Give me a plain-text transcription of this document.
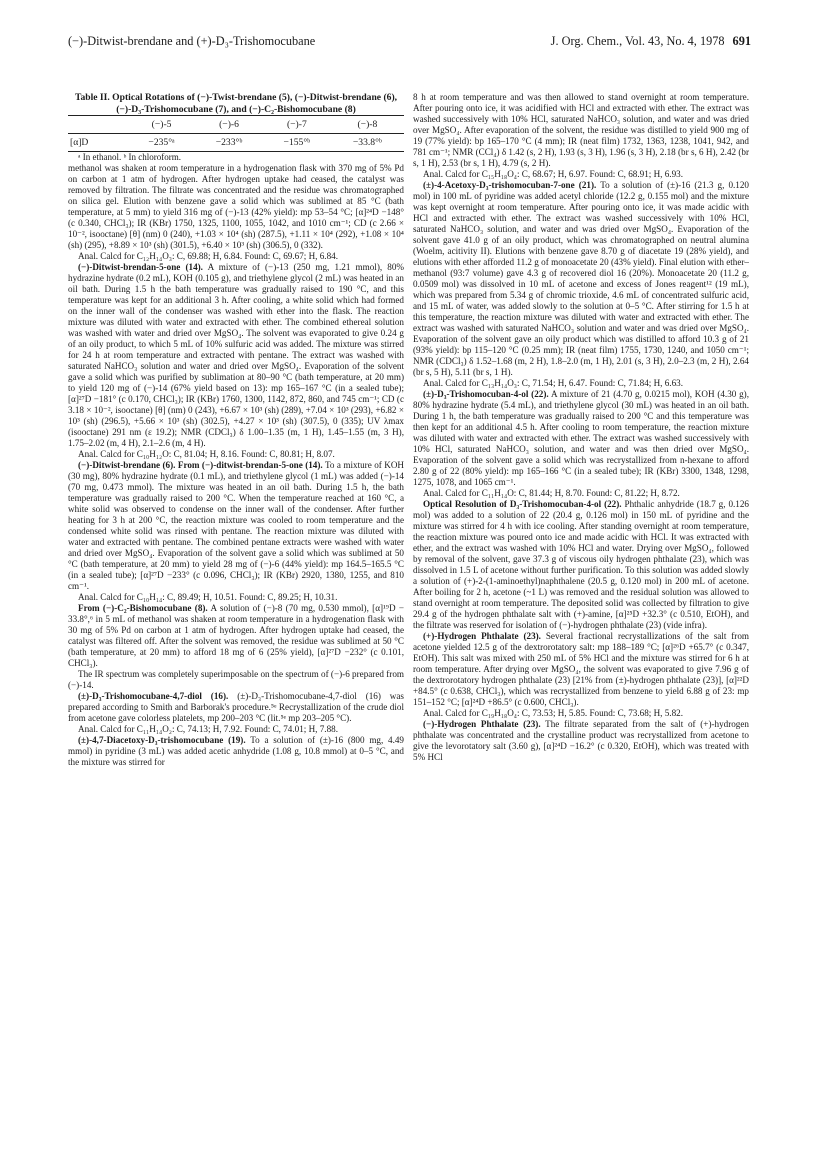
(−)-Ditwist-brendane and (+)-D₃-Trishomocubane	J. Org. Chem., Vol. 43, No. 4, 1978 691

Table II. Optical Rotations of (−)-Twist-brendane (5), (−)-Ditwist-brendane (6), (−)-D₃-Trishomocubane (7), and (−)-C₂-Bishomocubane (8)

	(−)-5	(−)-6	(−)-7	(−)-8
[α]D	−235°ᵃ	−233°ᵇ	−155°ᵇ	−33.8°ᵇ

ᵃ In ethanol. ᵇ In chloroform.

methanol was shaken at room temperature in a hydrogenation flask with 370 mg of 5% Pd on carbon at 1 atm of hydrogen. After hydrogen uptake had ceased, the catalyst was removed by filtration. The filtrate was concentrated and the residue was chromatographed on silica gel. Elution with benzene gave a solid which was sublimed at 85 °C (bath temperature, at 5 mm) to yield 316 mg of (−)-13 (42% yield): mp 53–54 °C; [α]²⁴D −148° (c 0.340, CHCl₃); IR (KBr) 1750, 1325, 1100, 1055, 1042, and 1010 cm⁻¹; CD (c 2.66 × 10⁻², isooctane) [θ] (nm) 0 (240), +1.03 × 10⁴ (sh) (287.5), +1.11 × 10⁴ (292), +1.08 × 10⁴ (sh) (295), +8.89 × 10³ (sh) (301.5), +6.40 × 10³ (sh) (306.5), 0 (332).

Anal. Calcd for C₁₂H₁₄O₃: C, 69.88; H, 6.84. Found: C, 69.67; H, 6.84.

(−)-Ditwist-brendan-5-one (14). A mixture of (−)-13 (250 mg, 1.21 mmol), 80% hydrazine hydrate (0.2 mL), KOH (0.105 g), and triethylene glycol (2 mL) was heated in an oil bath. During 1.5 h the bath temperature was gradually raised to 190 °C, and this temperature was kept for an additional 3 h. After cooling, a white solid which had formed on the inner wall of the condenser was washed with ether into the flask. The reaction mixture was diluted with water and extracted with ether. The combined ethereal solution was washed with water and dried over MgSO₄. The solvent was evaporated to give 0.24 g of an oily product, to which 5 mL of 10% sulfuric acid was added. The mixture was stirred for 24 h at room temperature and extracted with pentane. The extract was washed with saturated NaHCO₃ solution and water and dried over MgSO₄. Evaporation of the solvent gave a solid which was purified by sublimation at 80–90 °C (bath temperature, at 20 mm) to yield 120 mg of (−)-14 (67% yield based on 13): mp 165–167 °C (in a sealed tube); [α]²⁷D −181° (c 0.170, CHCl₃); IR (KBr) 1760, 1300, 1142, 872, 860, and 745 cm⁻¹; CD (c 3.18 × 10⁻², isooctane) [θ] (nm) 0 (243), +6.67 × 10³ (sh) (289), +7.04 × 10³ (293), +6.82 × 10³ (sh) (296.5), +5.66 × 10³ (sh) (302.5), +4.27 × 10³ (sh) (307.5), 0 (335); UV λmax (isooctane) 291 nm (ε 19.2); NMR (CDCl₃) δ 1.00–1.35 (m, 1 H), 1.45–1.55 (m, 3 H), 1.75–2.02 (m, 4 H), 2.1–2.6 (m, 4 H).

Anal. Calcd for C₁₀H₁₂O: C, 81.04; H, 8.16. Found: C, 80.81; H, 8.07.

(−)-Ditwist-brendane (6). From (−)-ditwist-brendan-5-one (14). To a mixture of KOH (30 mg), 80% hydrazine hydrate (0.1 mL), and triethylene glycol (1 mL) was added (−)-14 (70 mg, 0.473 mmol). The mixture was heated in an oil bath. During 1.5 h, the bath temperature was gradually raised to 200 °C. When the temperature reached at 160 °C, a white solid was observed to condense on the inner wall of the condenser. After further heating for 3 h at 200 °C, the reaction mixture was cooled to room temperature and the condensed white solid was rinsed with pentane. The reaction mixture was diluted with water and extracted with pentane. The combined pentane extracts were washed with water and dried over MgSO₄. Evaporation of the solvent gave a solid which was sublimed at 50 °C (bath temperature, at 20 mm) to yield 28 mg of (−)-6 (44% yield): mp 164.5–165.5 °C (in a sealed tube); [α]²⁷D −233° (c 0.096, CHCl₃); IR (KBr) 2920, 1380, 1255, and 810 cm⁻¹.

Anal. Calcd for C₁₀H₁₄: C, 89.49; H, 10.51. Found: C, 89.25; H, 10.31.

From (−)-C₂-Bishomocubane (8). A solution of (−)-8 (70 mg, 0.530 mmol), [α]¹⁹D − 33.8°,⁶ in 5 mL of methanol was shaken at room temperature in a hydrogenation flask with 30 mg of 5% Pd on carbon at 1 atm of hydrogen. After hydrogen uptake had ceased, the catalyst was filtered off. After the solvent was removed, the residue was sublimed at 50 °C (bath temperature, at 20 mm) to afford 18 mg of 6 (25% yield), [α]²⁷D −232° (c 0.101, CHCl₃).

The IR spectrum was completely superimposable on the spectrum of (−)-6 prepared from (−)-14.

(±)-D₃-Trishomocubane-4,7-diol (16). (±)-D₃-Trishomocubane-4,7-diol (16) was prepared according to Smith and Barborak's procedure.⁵ᵉ Recrystallization of the crude diol from acetone gave colorless platelets, mp 200–203 °C (lit.⁵ᵉ mp 203–205 °C).

Anal. Calcd for C₁₁H₁₄O₂: C, 74.13; H, 7.92. Found: C, 74.01; H, 7.88.

(±)-4,7-Diacetoxy-D₃-trishomocubane (19). To a solution of (±)-16 (800 mg, 4.49 mmol) in pyridine (3 mL) was added acetic anhydride (1.08 g, 10.8 mmol) at 0–5 °C, and the mixture was stirred for

8 h at room temperature and was then allowed to stand overnight at room temperature. After pouring onto ice, it was acidified with HCl and extracted with ether. The extract was washed successively with 10% HCl, saturated NaHCO₃ solution, and water and was dried over MgSO₄. After evaporation of the solvent, the residue was distilled to yield 900 mg of 19 (77% yield): bp 165–170 °C (4 mm); IR (neat film) 1732, 1363, 1238, 1041, 942, and 781 cm⁻¹; NMR (CCl₄) δ 1.42 (s, 2 H), 1.93 (s, 3 H), 1.96 (s, 3 H), 2.18 (br s, 6 H), 2.42 (br s, 1 H), 2.53 (br s, 1 H), 4.79 (s, 2 H).

Anal. Calcd for C₁₅H₁₈O₄: C, 68.67; H, 6.97. Found: C, 68.91; H, 6.93.

(±)-4-Acetoxy-D₃-trishomocuban-7-one (21). To a solution of (±)-16 (21.3 g, 0.120 mol) in 100 mL of pyridine was added acetyl chloride (12.2 g, 0.155 mol) and the mixture was kept overnight at room temperature. After pouring onto ice, it was made acidic with HCl and extracted with ether. The extract was washed successively with 10% HCl, saturated NaHCO₃ solution, and water and was dried over MgSO₄. Evaporation of the solvent gave 41.0 g of an oily product, which was chromatographed on neutral alumina (Woelm, acitivity II). Elutions with benzene gave 8.70 g of diacetate 19 (28% yield), and elutions with ether afforded 11.2 g of monoacetate 20 (43% yield). Final elution with ether–methanol (93:7 volume) gave 4.3 g of recovered diol 16 (20%). Monoacetate 20 (11.2 g, 0.0509 mol) was dissolved in 10 mL of acetone and excess of Jones reagent¹² (19 mL), which was prepared from 5.34 g of chromic trioxide, 4.6 mL of concentrated sulfuric acid, and 15 mL of water, was added slowly to the solution at 0–5 °C. After stirring for 1.5 h at this temperature, the reaction mixture was diluted with water and extracted with ether. The extract was washed with saturated NaHCO₃ solution and water and was dried over MgSO₄. Evaporation of the solvent gave an oily product which was distilled to afford 10.3 g of 21 (93% yield): bp 115–120 °C (0.25 mm); IR (neat film) 1755, 1730, 1240, and 1050 cm⁻¹; NMR (CDCl₃) δ 1.52–1.68 (m, 2 H), 1.8–2.0 (m, 1 H), 2.01 (s, 3 H), 2.0–2.3 (m, 2 H), 2.64 (br s, 5 H), 5.11 (br s, 1 H).

Anal. Calcd for C₁₃H₁₄O₃: C, 71.54; H, 6.47. Found: C, 71.84; H, 6.63.

(±)-D₃-Trishomocuban-4-ol (22). A mixture of 21 (4.70 g, 0.0215 mol), KOH (4.30 g), 80% hydrazine hydrate (5.4 mL), and triethylene glycol (30 mL) was heated in an oil bath. During 1 h, the bath temperature was gradually raised to 200 °C and this temperature was then kept for an additional 4.5 h. After cooling to room temperature, the reaction mixture was diluted with water and extracted with ether. The extract was washed successively with 10% HCl, saturated NaHCO₃ solution, and water and was then dried over MgSO₄. Evaporation of the solvent gave a solid which was recrystallized from n-hexane to afford 2.80 g of 22 (80% yield): mp 165–166 °C (in a sealed tube); IR (KBr) 3300, 1348, 1298, 1275, 1078, and 1065 cm⁻¹.

Anal. Calcd for C₁₁H₁₄O: C, 81.44; H, 8.70. Found: C, 81.22; H, 8.72.

Optical Resolution of D₃-Trishomocuban-4-ol (22). Phthalic anhydride (18.7 g, 0.126 mol) was added to a solution of 22 (20.4 g, 0.126 mol) in 150 mL of pyridine and the mixture was stirred for 4 h with ice cooling. After standing overnight at room temperature, the reaction mixture was poured onto ice and made acidic with HCl. It was extracted with ether, and the extract was washed with 10% HCl and water. Drying over MgSO₄, followed by removal of the solvent, gave 37.3 g of viscous oily hydrogen phthalate (23), which was dissolved in 1.5 L of acetone without further purification. To this solution was added slowly a solution of (+)-2-(1-aminoethyl)naphthalene (20.5 g, 0.120 mol) in 200 mL of acetone. After boiling for 2 h, acetone (~1 L) was removed and the residual solution was allowed to stand overnight at room temperature. The deposited solid was collected by filtration to give 29.4 g of the hydrogen phthalate salt with (+)-amine, [α]²⁵D +32.3° (c 0.510, EtOH), and the filtrate was reserved for isolation of (−)-hydrogen phthalate (23) (vide infra).

(+)-Hydrogen Phthalate (23). Several fractional recrystallizations of the salt from acetone yielded 12.5 g of the dextrorotatory salt: mp 188–189 °C; [α]²⁶D +65.7° (c 0.347, EtOH). This salt was mixed with 250 mL of 5% HCl and the mixture was stirred for 6 h at room temperature. After drying over MgSO₄, the solvent was evaporated to give 7.96 g of the dextrorotatory hydrogen phthalate (23) [21% from (±)-hydrogen phthalate (23)], [α]²²D +84.5° (c 0.638, CHCl₃), which was recrystallized from benzene to yield 6.88 g of 23: mp 151–152 °C; [α]²⁴D +86.5° (c 0.600, CHCl₃).

Anal. Calcd for C₁₉H₁₈O₄: C, 73.53; H, 5.85. Found: C, 73.68; H, 5.82.

(−)-Hydrogen Phthalate (23). The filtrate separated from the salt of (+)-hydrogen phthalate was concentrated and the crystalline product was recrystallized from acetone to give the levorotatory salt (3.60 g), [α]²⁴D −16.2° (c 0.320, EtOH), which was treated with 5% HCl
